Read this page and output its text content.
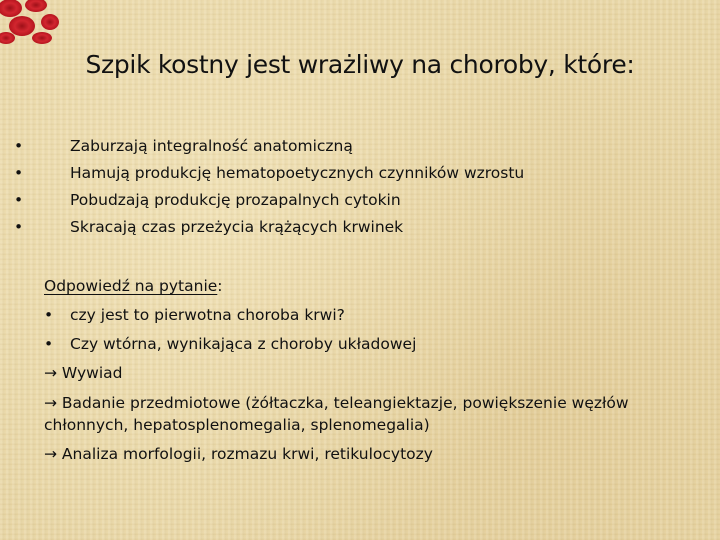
Szpik kostny jest wrażliwy na choroby, które:
•	Zaburzają integralność anatomiczną
•	Hamują produkcję hematopoetycznych czynników wzrostu
•	Pobudzają produkcję prozapalnych cytokin
•	Skracają czas przeżycia krążących krwinek
Odpowiedź na pytanie:
• czy jest to pierwotna choroba krwi?
• Czy wtórna, wynikająca z choroby układowej
→ Wywiad
→ Badanie przedmiotowe (żółtaczka, teleangiektazje, powiększenie węzłów chłonnych, hepatosplenomegalia, splenomegalia)
→ Analiza morfologii, rozmazu krwi, retikulocytozy
